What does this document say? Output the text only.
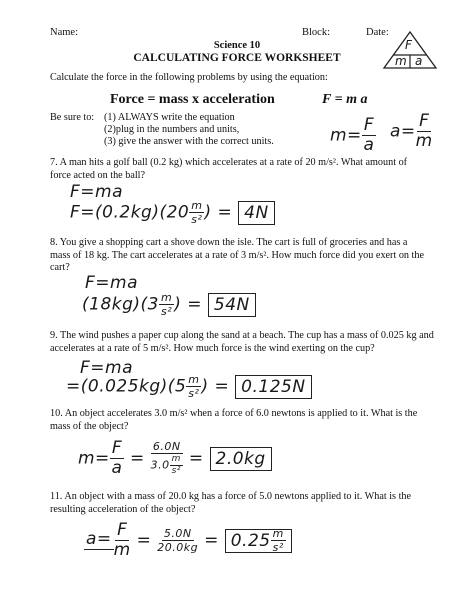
Name:	Block:	Date:
F
m a
Science 10
CALCULATING FORCE WORKSHEET
Calculate the force in the following problems by using the equation:
Force = mass x acceleration	F = m a
Be sure to: (1) ALWAYS write the equation
(2)plug in the numbers and units,
(3) give the answer with the correct units.	$m= \frac{F}{a} a= \frac{F}{m}$
7. A man hits a golf ball (0.2 kg) which accelerates at a rate of 20 m/s². What amount of force acted on the ball?
F=ma
$F=(0.2kg)(20 \frac{m}{\text{s²}}$ ) = 4N
8. You give a shopping cart a shove down the isle. The cart is full of groceries and has a mass of 18 kg. The cart accelerates at a rate of 3 m/s². How much force did you exert on the cart?
F=ma
$(18kg)(3 \frac{m}{\text{s²}}$ ) = 54N
9. The wind pushes a paper cup along the sand at a beach. The cup has a mass of 0.025 kg and accelerates at a rate of 5 m/s². How much force is the wind exerting on the cup?
F=ma
$=(0.025kg)(5 \frac{m}{\text{s²}}$ ) = 0.125N
10. An object accelerates 3.0 m/s² when a force of 6.0 newtons is applied to it. What is the mass of the object?
$m= \frac{F}{a} = \frac{6.0N}{3.0 \frac{m}{\text{s²}}} = 2.0kg$
11. An object with a mass of 20.0 kg has a force of 5.0 newtons applied to it. What is the resulting acceleration of the object?
$a= \frac{F}{m} = \frac{5.0N}{20.0kg} = 0.25 \frac{m}{\text{s²}}$
